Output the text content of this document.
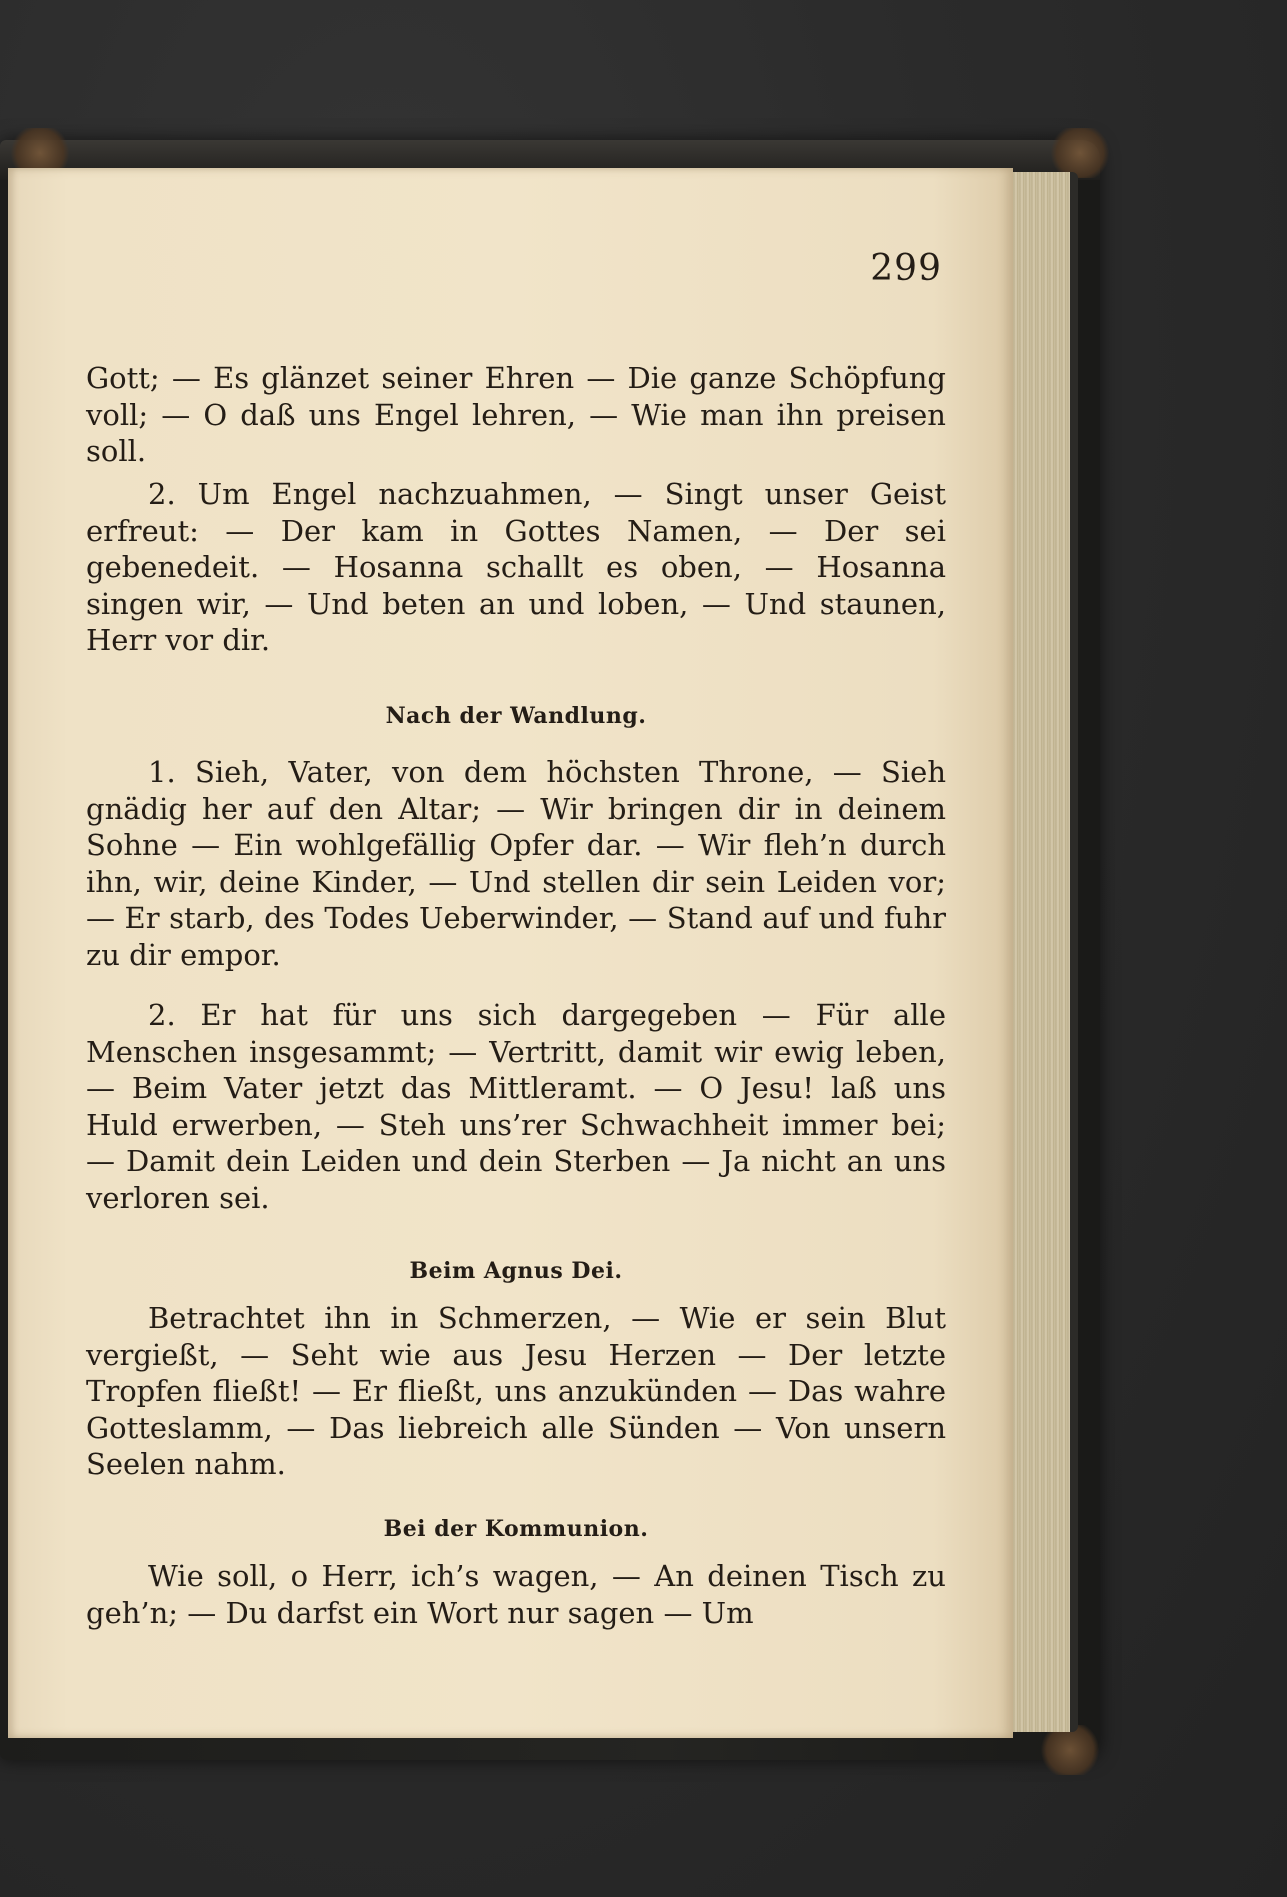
299

Gott; — Es glänzet seiner Ehren — Die ganze Schöpfung voll; — O daß uns Engel lehren, — Wie man ihn preisen soll.

2. Um Engel nachzuahmen, — Singt unser Geist erfreut: — Der kam in Gottes Namen, — Der sei gebenedeit. — Hosanna schallt es oben, — Hosanna singen wir, — Und beten an und loben, — Und staunen, Herr vor dir.

Nach der Wandlung.

1. Sieh, Vater, von dem höchsten Throne, — Sieh gnädig her auf den Altar; — Wir bringen dir in deinem Sohne — Ein wohlgefällig Opfer dar. — Wir fleh’n durch ihn, wir, deine Kinder, — Und stellen dir sein Leiden vor; — Er starb, des Todes Ueberwinder, — Stand auf und fuhr zu dir empor.

2. Er hat für uns sich dargegeben — Für alle Menschen insgesammt; — Vertritt, damit wir ewig leben, — Beim Vater jetzt das Mittleramt. — O Jesu! laß uns Huld erwerben, — Steh uns’rer Schwachheit immer bei; — Damit dein Leiden und dein Sterben — Ja nicht an uns verloren sei.

Beim Agnus Dei.

Betrachtet ihn in Schmerzen, — Wie er sein Blut vergießt, — Seht wie aus Jesu Herzen — Der letzte Tropfen fließt! — Er fließt, uns anzukünden — Das wahre Gotteslamm, — Das liebreich alle Sünden — Von unsern Seelen nahm.

Bei der Kommunion.

Wie soll, o Herr, ich’s wagen, — An deinen Tisch zu geh’n; — Du darfst ein Wort nur sagen — Um
